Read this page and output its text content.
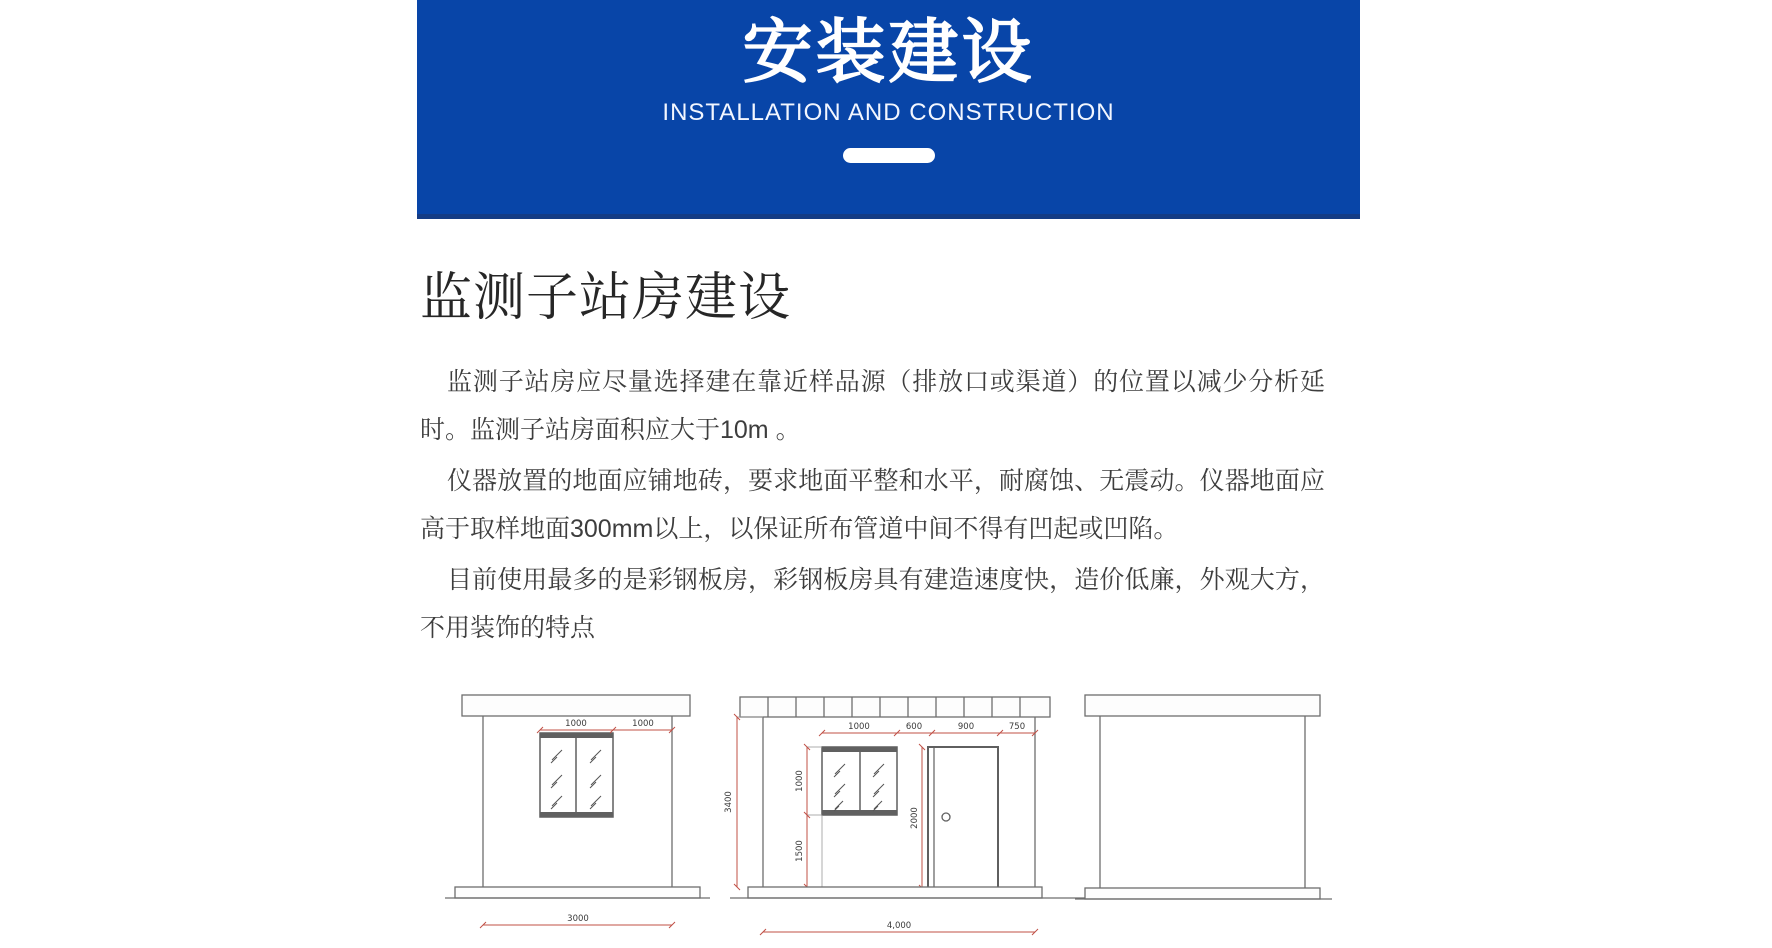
安装建设
INSTALLATION AND CONSTRUCTION
监测子站房建设

监测子站房应尽量选择建在靠近样品源（排放口或渠道）的位置以减少分析延时。监测子站房面积应大于10m 。

仪器放置的地面应铺地砖，要求地面平整和水平，耐腐蚀、无震动。仪器地面应高于取样地面300mm以上，以保证所布管道中间不得有凹起或凹陷。

目前使用最多的是彩钢板房，彩钢板房具有建造速度快，造价低廉，外观大方，不用装饰的特点

1000	1000
3000
3400
1000	600	900	750
1000
1500
2000
4,000
